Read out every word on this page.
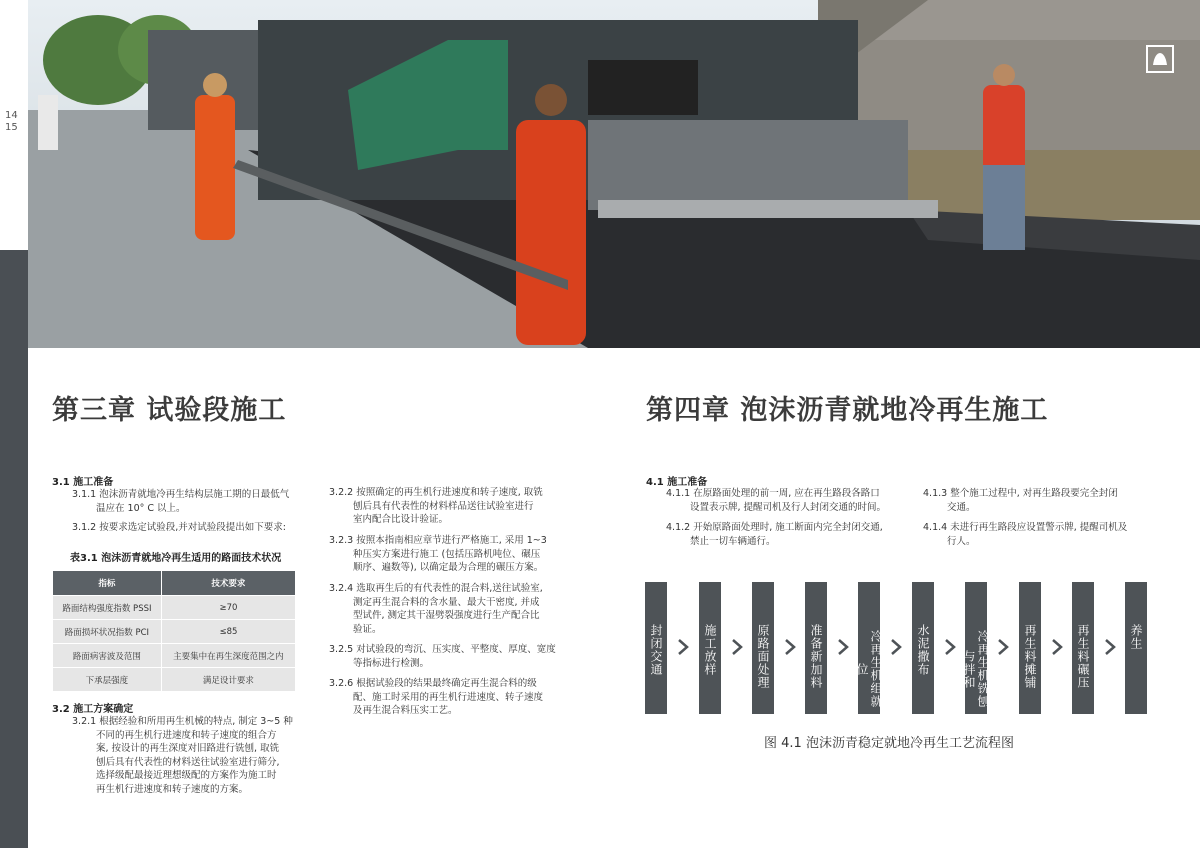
14
15
第三章 试验段施工
3.1 施工准备
3.1.1 泡沫沥青就地冷再生结构层施工期的日最低气
温应在 10° C 以上。
3.1.2 按要求选定试验段,并对试验段提出如下要求:
表3.1 泡沫沥青就地冷再生适用的路面技术状况
指标	技术要求
路面结构强度指数 PSSI	≥70
路面损坏状况指数 PCI	≤85
路面病害波及范围	主要集中在再生深度范围之内
下承层强度	满足设计要求
3.2 施工方案确定
3.2.1 根据经验和所用再生机械的特点, 制定 3~5 种
不同的再生机行进速度和转子速度的组合方
案, 按设计的再生深度对旧路进行铣刨, 取铣
刨后具有代表性的材料送往试验室进行筛分,
选择级配最接近理想级配的方案作为施工时
再生机行进速度和转子速度的方案。
3.2.2 按照确定的再生机行进速度和转子速度, 取铣
刨后具有代表性的材料样品送往试验室进行
室内配合比设计验证。
3.2.3 按照本指南相应章节进行严格施工, 采用 1~3
种压实方案进行施工 (包括压路机吨位、碾压
顺序、遍数等), 以确定最为合理的碾压方案。
3.2.4 选取再生后的有代表性的混合料,送往试验室,
测定再生混合料的含水量、最大干密度, 并成
型试件, 测定其干湿劈裂强度进行生产配合比
验证。
3.2.5 对试验段的弯沉、压实度、平整度、厚度、宽度
等指标进行检测。
3.2.6 根据试验段的结果最终确定再生混合料的级
配、施工时采用的再生机行进速度、转子速度
及再生混合料压实工艺。
第四章 泡沫沥青就地冷再生施工
4.1 施工准备
4.1.1 在原路面处理的前一周, 应在再生路段各路口
设置表示牌, 提醒司机及行人封闭交通的时间。
4.1.2 开始原路面处理时, 施工断面内完全封闭交通,
禁止一切车辆通行。
4.1.3 整个施工过程中, 对再生路段要完全封闭
交通。
4.1.4 未进行再生路段应设置警示牌, 提醒司机及
行人。
封闭交通	施工放样	原路面处理	准备新加料	冷再生机组就位	水泥撒布	冷再生机铣刨与拌和	再生料摊铺	再生料碾压	养生
图 4.1 泡沫沥青稳定就地冷再生工艺流程图
